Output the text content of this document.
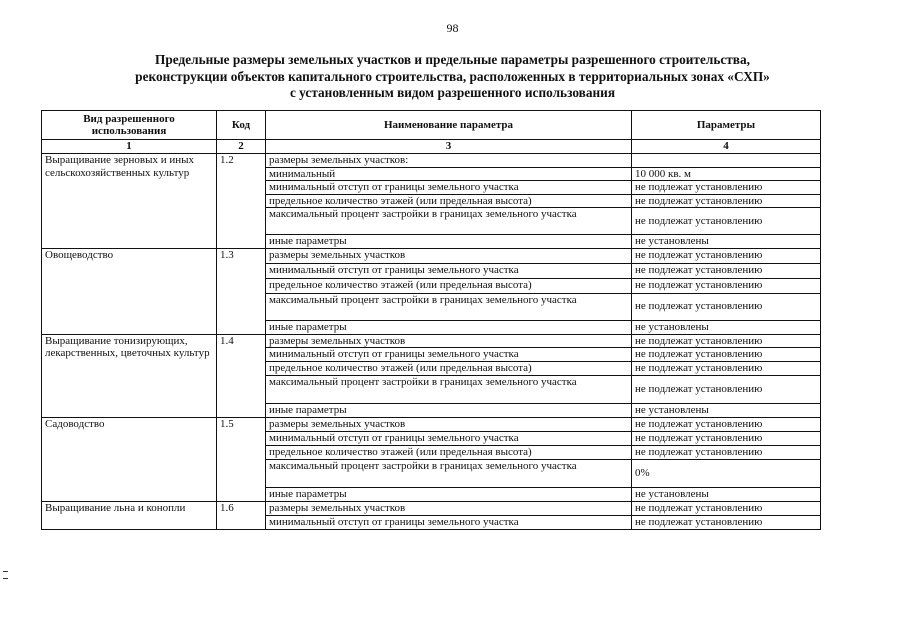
98
Предельные размеры земельных участков и предельные параметры разрешенного строительства,
реконструкции объектов капитального строительства, расположенных в территориальных зонах «СХП»
с установленным видом разрешенного использования
Вид разрешенного использования	Код	Наименование параметра	Параметры
1	2	3	4
Выращивание зерновых и иных сельскохозяйственных культур	1.2	размеры земельных участков:	
		минимальный	10 000 кв. м
		минимальный отступ от границы земельного участка	не подлежат установлению
		предельное количество этажей (или предельная высота)	не подлежат установлению
		максимальный процент застройки в границах земельного участка	не подлежат установлению
		иные параметры	не установлены
Овощеводство	1.3	размеры земельных участков	не подлежат установлению
		минимальный отступ от границы земельного участка	не подлежат установлению
		предельное количество этажей (или предельная высота)	не подлежат установлению
		максимальный процент застройки в границах земельного участка	не подлежат установлению
		иные параметры	не установлены
Выращивание тонизирующих, лекарственных, цветочных культур	1.4	размеры земельных участков	не подлежат установлению
		минимальный отступ от границы земельного участка	не подлежат установлению
		предельное количество этажей (или предельная высота)	не подлежат установлению
		максимальный процент застройки в границах земельного участка	не подлежат установлению
		иные параметры	не установлены
Садоводство	1.5	размеры земельных участков	не подлежат установлению
		минимальный отступ от границы земельного участка	не подлежат установлению
		предельное количество этажей (или предельная высота)	не подлежат установлению
		максимальный процент застройки в границах земельного участка	0%
		иные параметры	не установлены
Выращивание льна и конопли	1.6	размеры земельных участков	не подлежат установлению
		минимальный отступ от границы земельного участка	не подлежат установлению
